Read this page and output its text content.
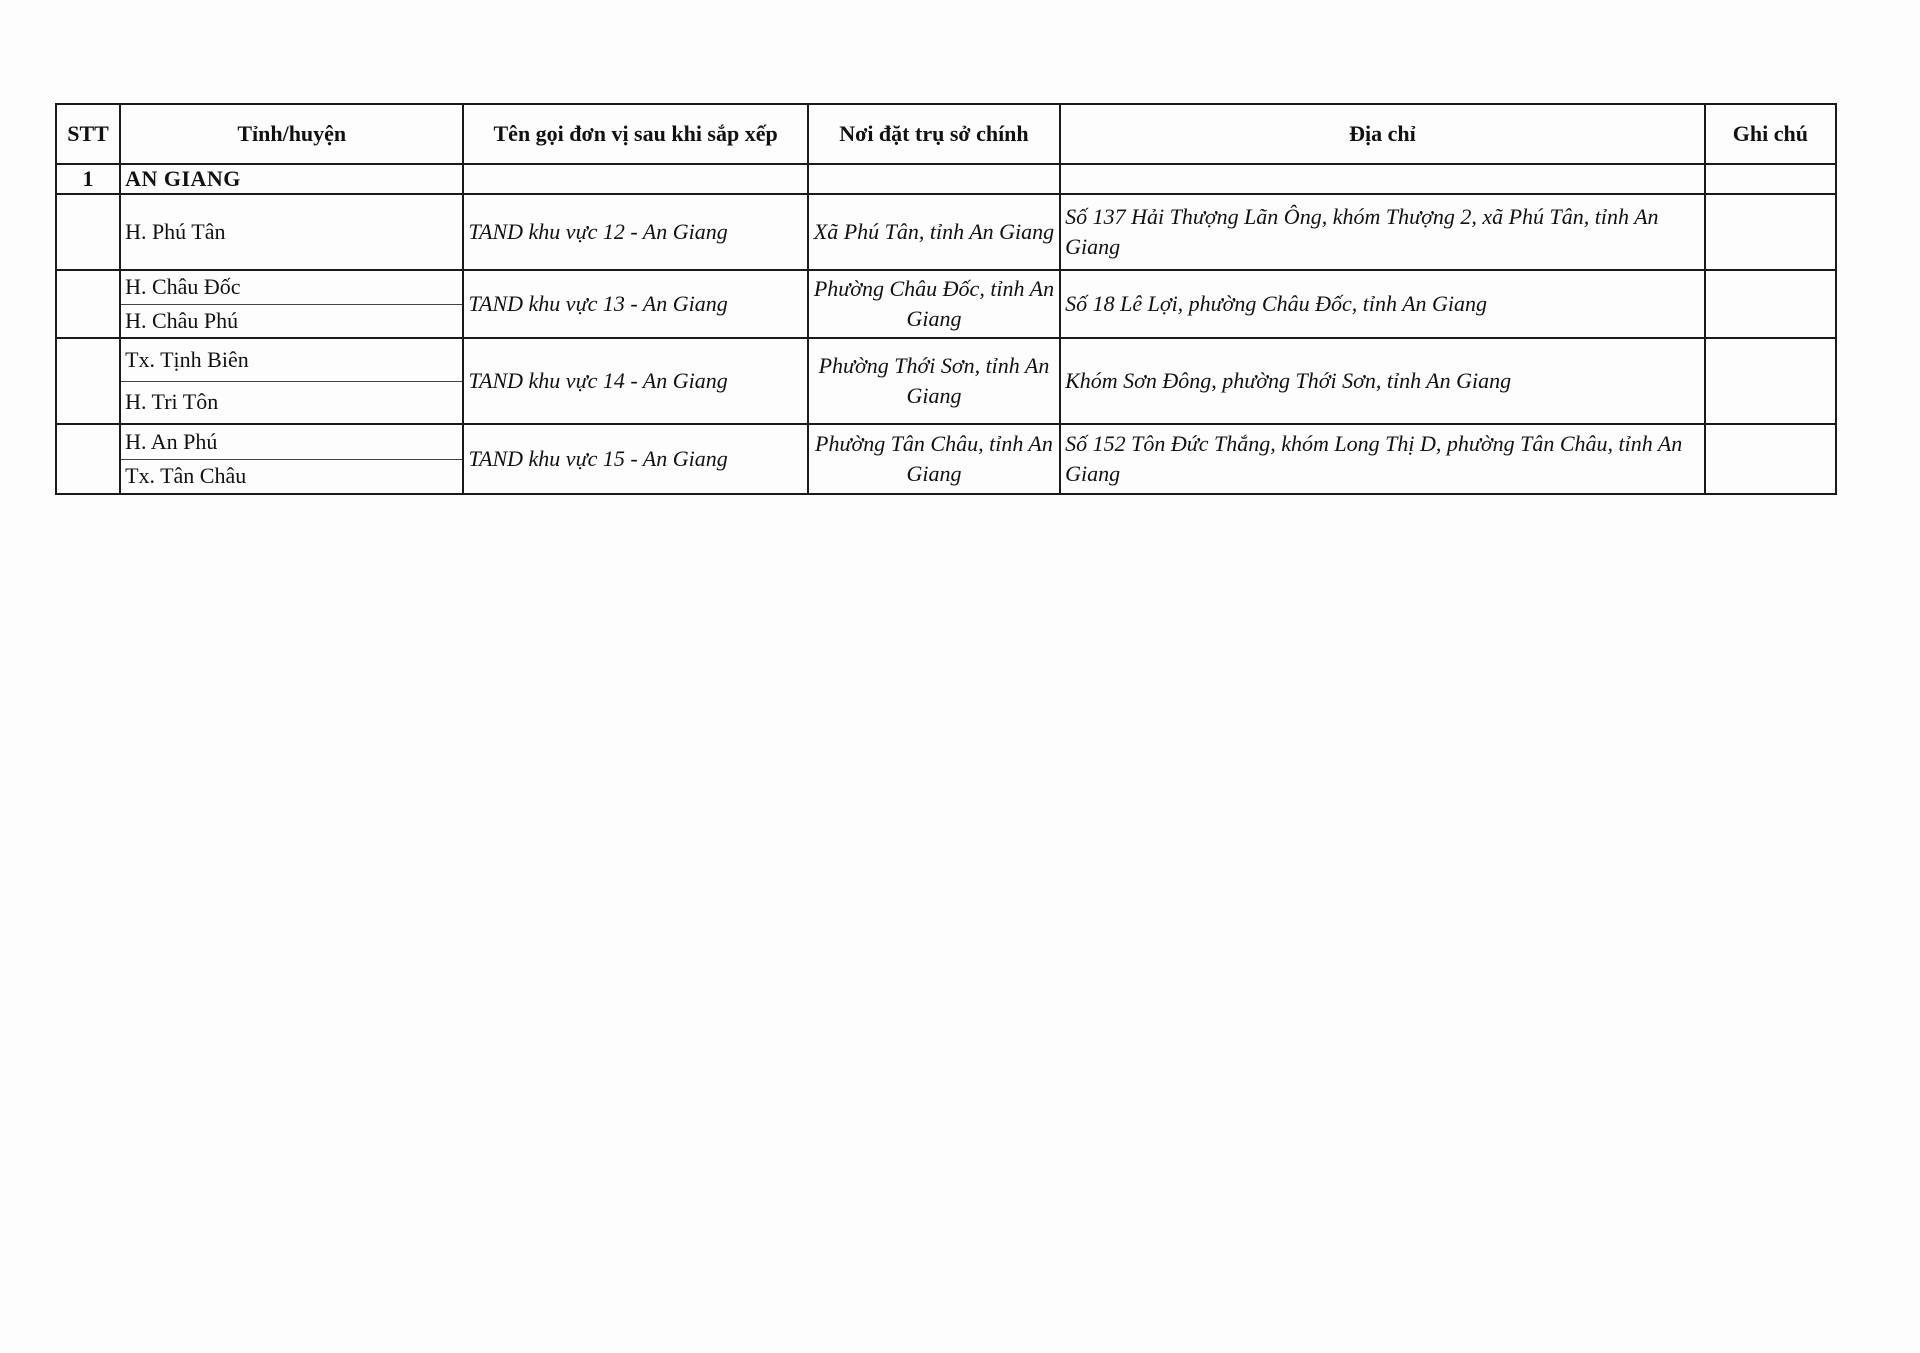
STT	Tỉnh/huyện	Tên gọi đơn vị sau khi sắp xếp	Nơi đặt trụ sở chính	Địa chỉ	Ghi chú
1	AN GIANG				

H. Phú Tân	TAND khu vực 12 - An Giang	Xã Phú Tân, tỉnh An Giang	Số 137 Hải Thượng Lãn Ông, khóm Thượng 2, xã Phú Tân, tỉnh An Giang	

H. Châu Đốc
H. Châu Phú	TAND khu vực 13 - An Giang	Phường Châu Đốc, tỉnh An Giang	Số 18 Lê Lợi, phường Châu Đốc, tỉnh An Giang	

Tx. Tịnh Biên
H. Tri Tôn	TAND khu vực 14 - An Giang	Phường Thới Sơn, tỉnh An Giang	Khóm Sơn Đông, phường Thới Sơn, tỉnh An Giang	

H. An Phú
Tx. Tân Châu	TAND khu vực 15 - An Giang	Phường Tân Châu, tỉnh An Giang	Số 152 Tôn Đức Thắng, khóm Long Thị D, phường Tân Châu, tỉnh An Giang	
